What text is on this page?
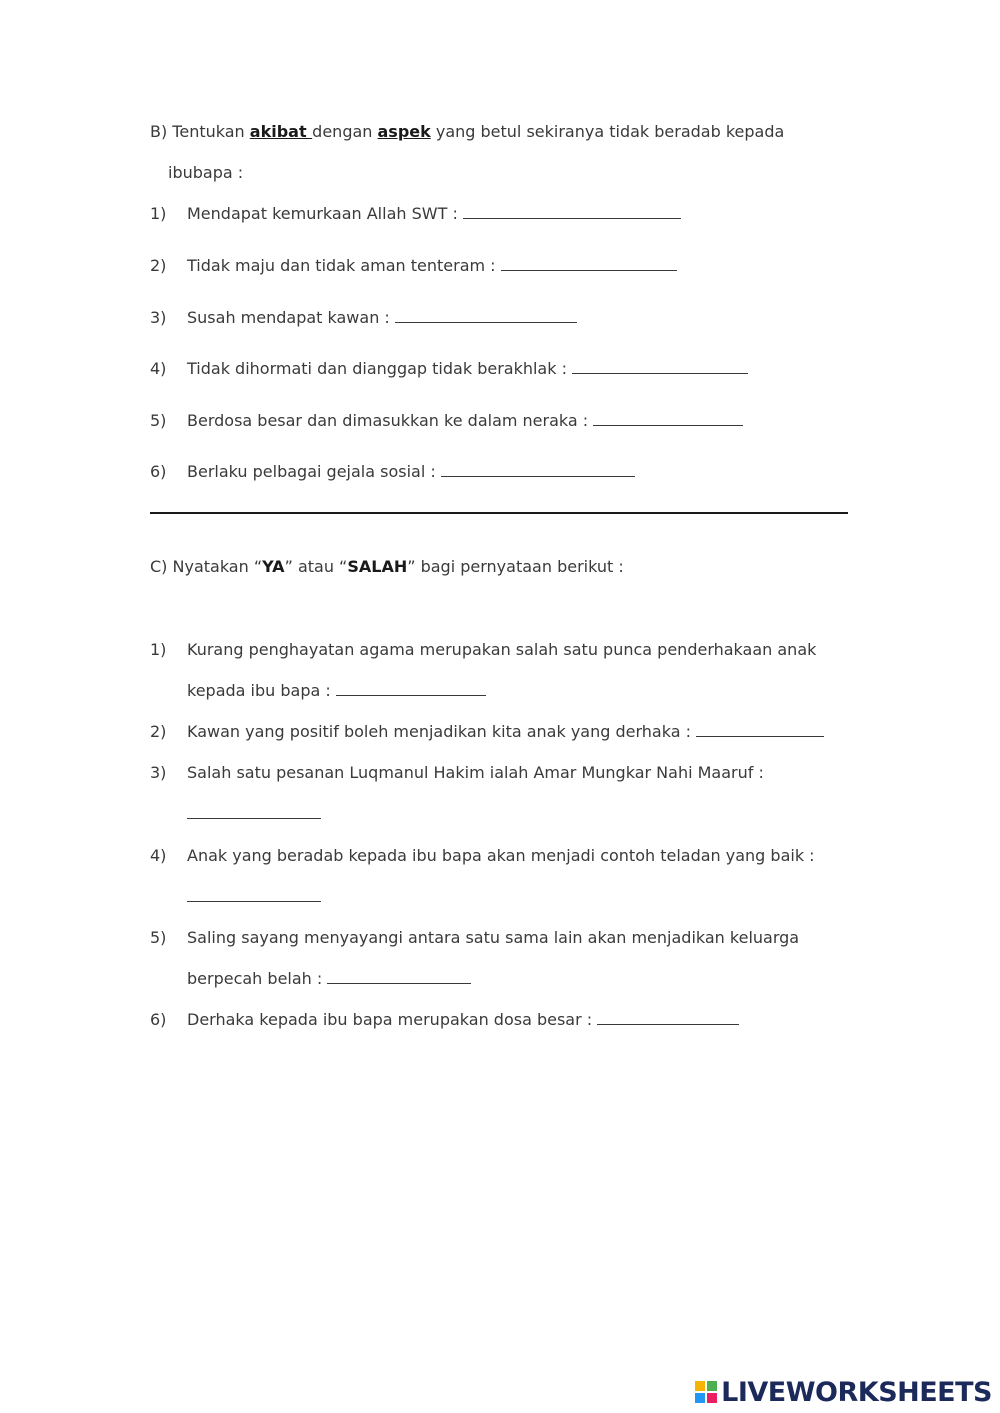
B) Tentukan akibat dengan aspek yang betul sekiranya tidak beradab kepada
ibubapa :
1) Mendapat kemurkaan Allah SWT :
2) Tidak maju dan tidak aman tenteram :
3) Susah mendapat kawan :
4) Tidak dihormati dan dianggap tidak berakhlak :
5) Berdosa besar dan dimasukkan ke dalam neraka :
6) Berlaku pelbagai gejala sosial :
C) Nyatakan “YA” atau “SALAH” bagi pernyataan berikut :
1) Kurang penghayatan agama merupakan salah satu punca penderhakaan anak
kepada ibu bapa :
2) Kawan yang positif boleh menjadikan kita anak yang derhaka :
3) Salah satu pesanan Luqmanul Hakim ialah Amar Mungkar Nahi Maaruf :
4) Anak yang beradab kepada ibu bapa akan menjadi contoh teladan yang baik :
5) Saling sayang menyayangi antara satu sama lain akan menjadikan keluarga
berpecah belah :
6) Derhaka kepada ibu bapa merupakan dosa besar :
LIVEWORKSHEETS
